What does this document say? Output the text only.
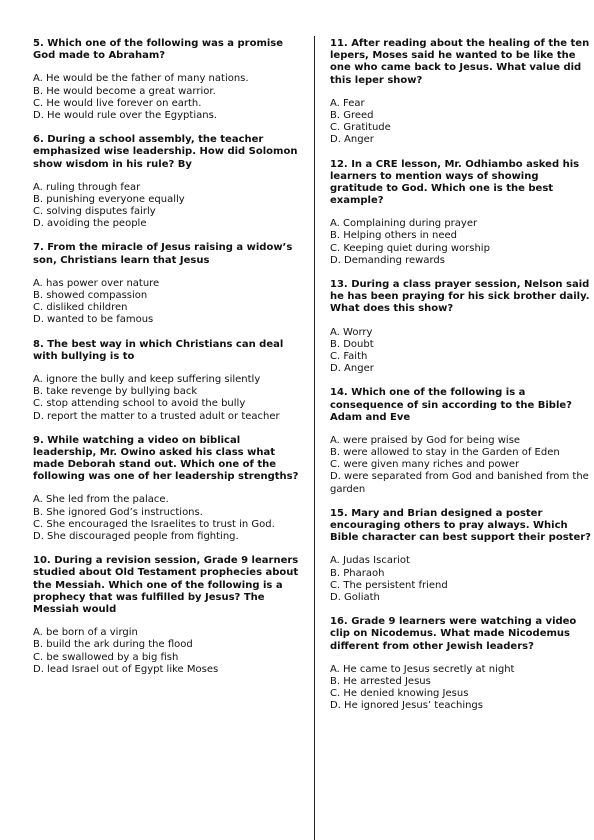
5. Which one of the following was a promise God made to Abraham?

A. He would be the father of many nations.

B. He would become a great warrior.

C. He would live forever on earth.

D. He would rule over the Egyptians.

6. During a school assembly, the teacher emphasized wise leadership. How did Solomon show wisdom in his rule? By

A. ruling through fear

B. punishing everyone equally

C. solving disputes fairly

D. avoiding the people

7. From the miracle of Jesus raising a widow’s son, Christians learn that Jesus

A. has power over nature

B. showed compassion

C. disliked children

D. wanted to be famous

8. The best way in which Christians can deal with bullying is to

A. ignore the bully and keep suffering silently

B. take revenge by bullying back

C. stop attending school to avoid the bully

D. report the matter to a trusted adult or teacher

9. While watching a video on biblical leadership, Mr. Owino asked his class what made Deborah stand out. Which one of the following was one of her leadership strengths?

A. She led from the palace.

B. She ignored God’s instructions.

C. She encouraged the Israelites to trust in God.

D. She discouraged people from fighting.

10. During a revision session, Grade 9 learners studied about Old Testament prophecies about the Messiah. Which one of the following is a prophecy that was fulfilled by Jesus? The Messiah would

A. be born of a virgin

B. build the ark during the flood

C. be swallowed by a big fish

D. lead Israel out of Egypt like Moses

11. After reading about the healing of the ten lepers, Moses said he wanted to be like the one who came back to Jesus. What value did this leper show?

A. Fear

B. Greed

C. Gratitude

D. Anger

12. In a CRE lesson, Mr. Odhiambo asked his learners to mention ways of showing gratitude to God. Which one is the best example?

A. Complaining during prayer

B. Helping others in need

C. Keeping quiet during worship

D. Demanding rewards

13. During a class prayer session, Nelson said he has been praying for his sick brother daily. What does this show?

A. Worry

B. Doubt

C. Faith

D. Anger

14. Which one of the following is a consequence of sin according to the Bible? Adam and Eve

A. were praised by God for being wise

B. were allowed to stay in the Garden of Eden

C. were given many riches and power

D. were separated from God and banished from the garden

15. Mary and Brian designed a poster encouraging others to pray always. Which Bible character can best support their poster?

A. Judas Iscariot

B. Pharaoh

C. The persistent friend

D. Goliath

16. Grade 9 learners were watching a video clip on Nicodemus. What made Nicodemus different from other Jewish leaders?

A. He came to Jesus secretly at night

B. He arrested Jesus

C. He denied knowing Jesus

D. He ignored Jesus’ teachings
